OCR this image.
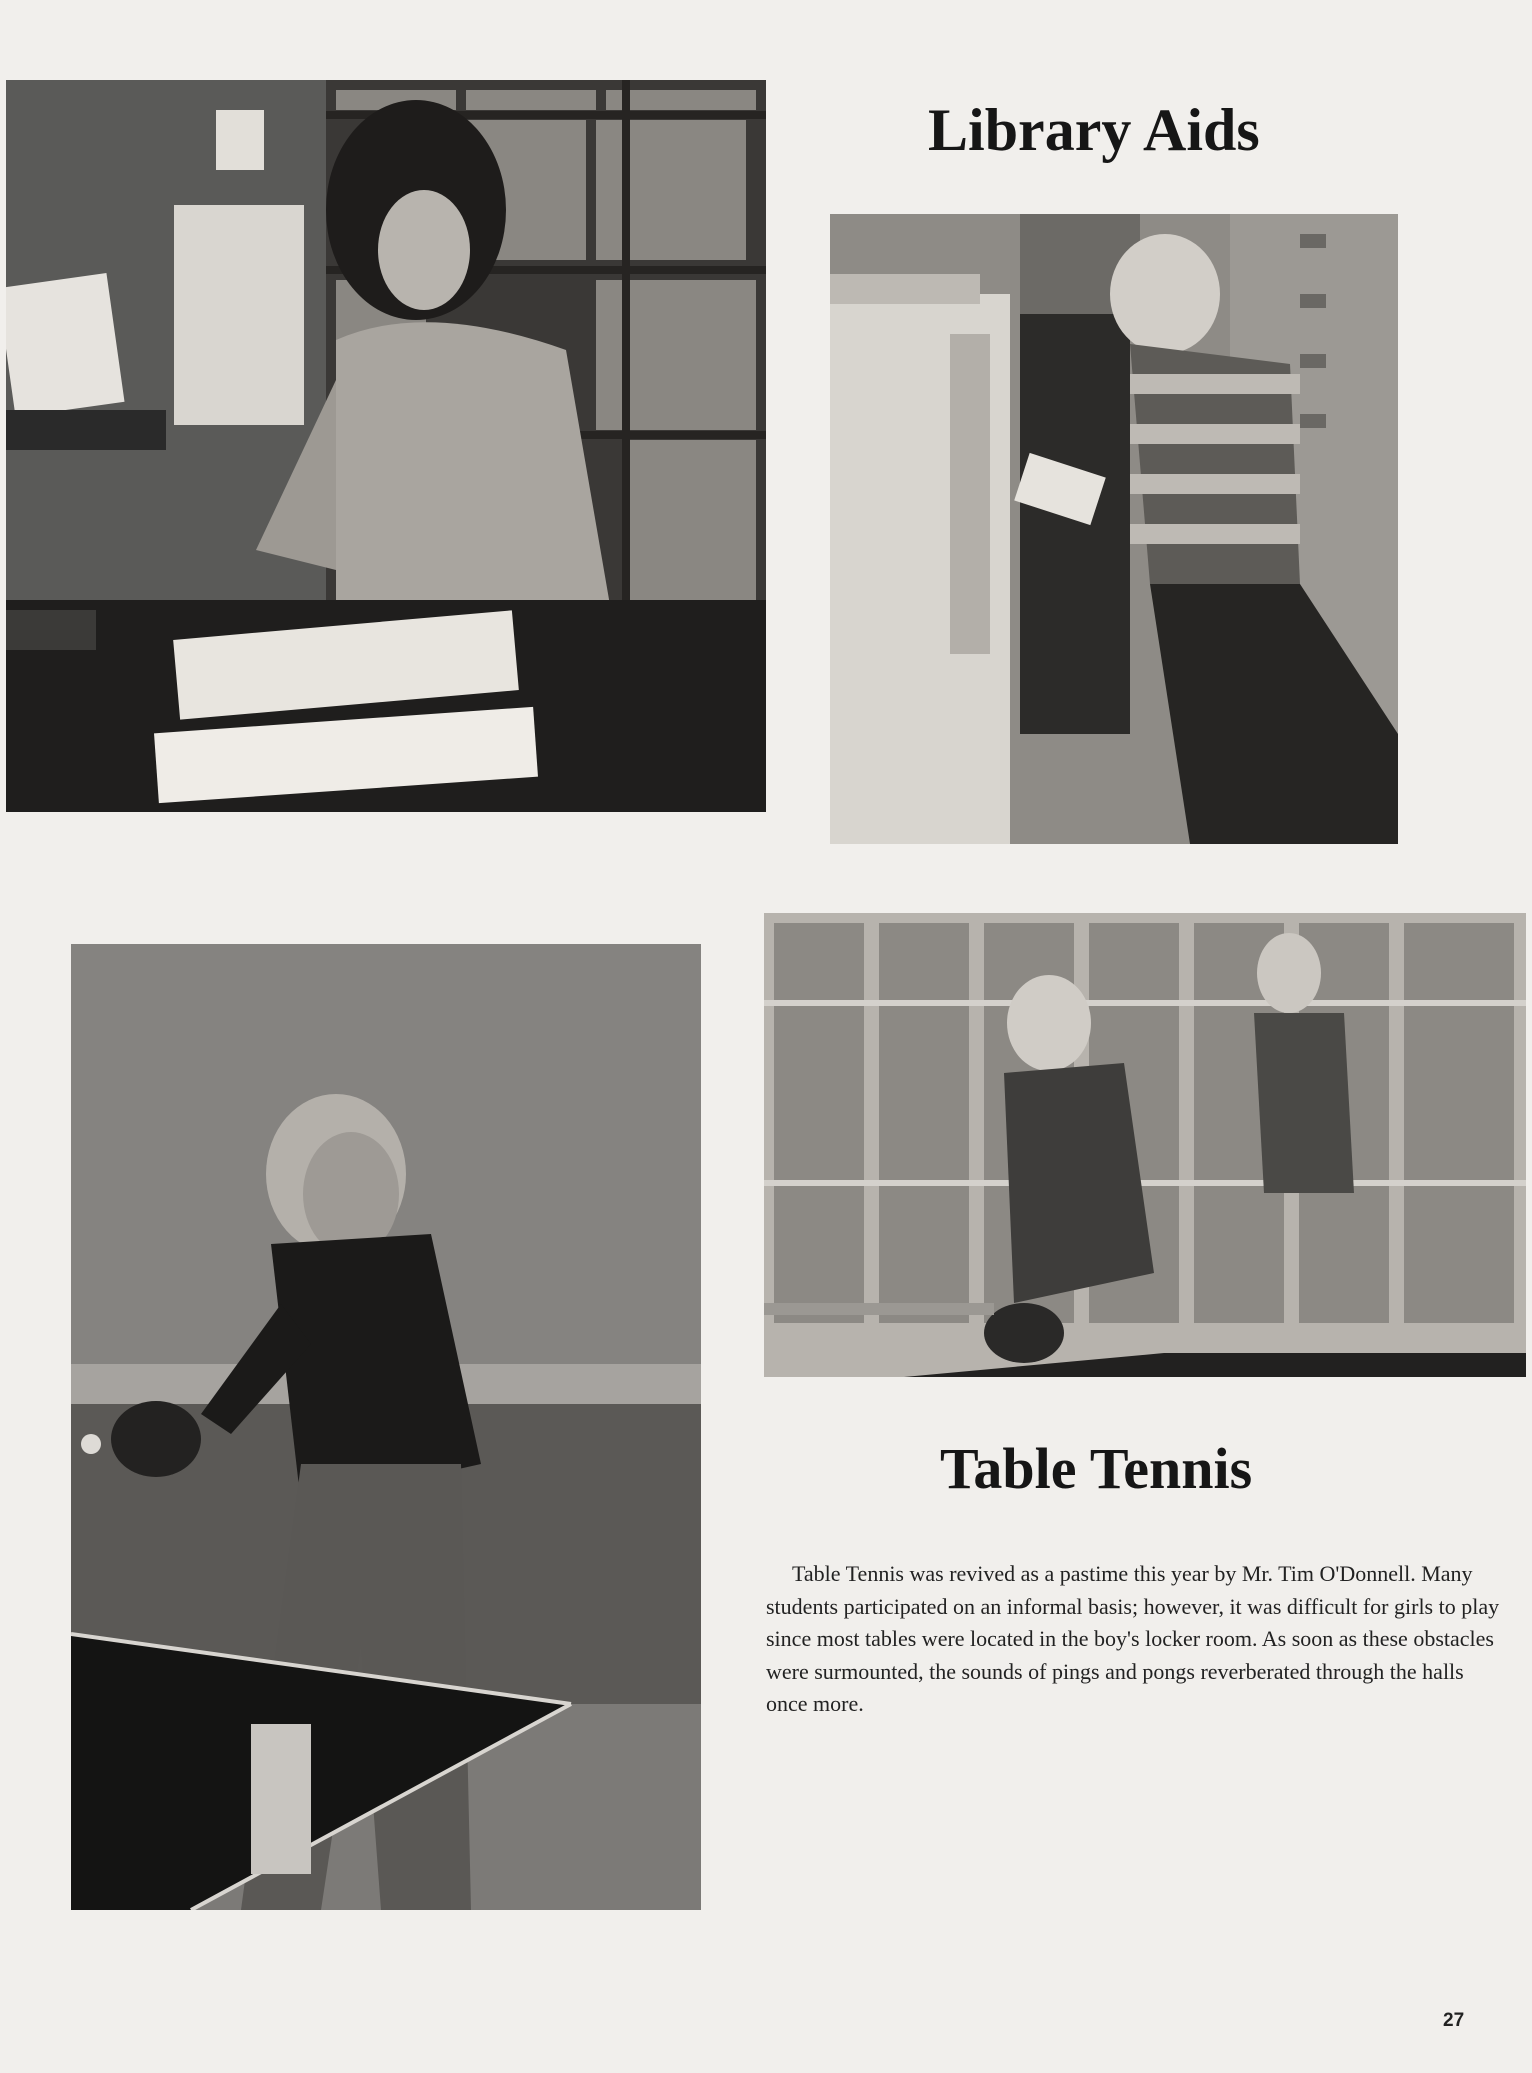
Library Aids
Table Tennis

Table Tennis was revived as a pastime this year by Mr. Tim O'Donnell. Many students participated on an informal basis; however, it was difficult for girls to play since most tables were located in the boy's locker room. As soon as these obstacles were surmounted, the sounds of pings and pongs reverberated through the halls once more.

27
